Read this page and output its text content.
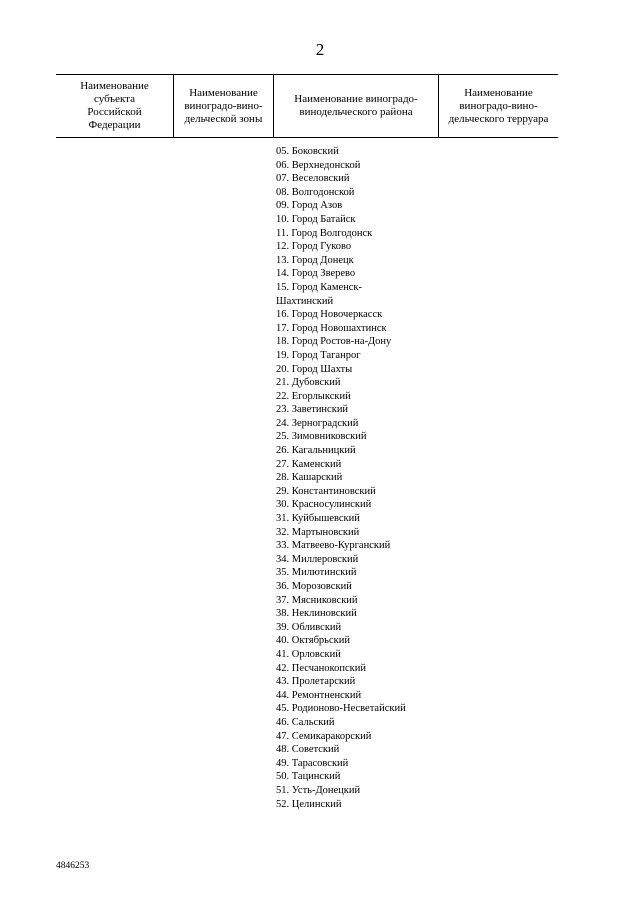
2
Наименование
субъекта
Российской
Федерации
Наименование
виноградо-вино-
дельческой зоны
Наименование виноградо-
винодельческого района
Наименование
виноградо-вино-
дельческого терруара
05. Боковский
06. Верхнедонской
07. Веселовский
08. Волгодонской
09. Город Азов
10. Город Батайск
11. Город Волгодонск
12. Город Гуково
13. Город Донецк
14. Город Зверево
15. Город Каменск-
Шахтинский
16. Город Новочеркасск
17. Город Новошахтинск
18. Город Ростов-на-Дону
19. Город Таганрог
20. Город Шахты
21. Дубовский
22. Егорлыкский
23. Заветинский
24. Зерноградский
25. Зимовниковский
26. Кагальницкий
27. Каменский
28. Кашарский
29. Константиновский
30. Красносулинский
31. Куйбышевский
32. Мартыновский
33. Матвеево-Курганский
34. Миллеровский
35. Милютинский
36. Морозовский
37. Мясниковский
38. Неклиновский
39. Обливский
40. Октябрьский
41. Орловский
42. Песчанокопский
43. Пролетарский
44. Ремонтненский
45. Родионово-Несветайский
46. Сальский
47. Семикаракорский
48. Советский
49. Тарасовский
50. Тацинский
51. Усть-Донецкий
52. Целинский
4846253
